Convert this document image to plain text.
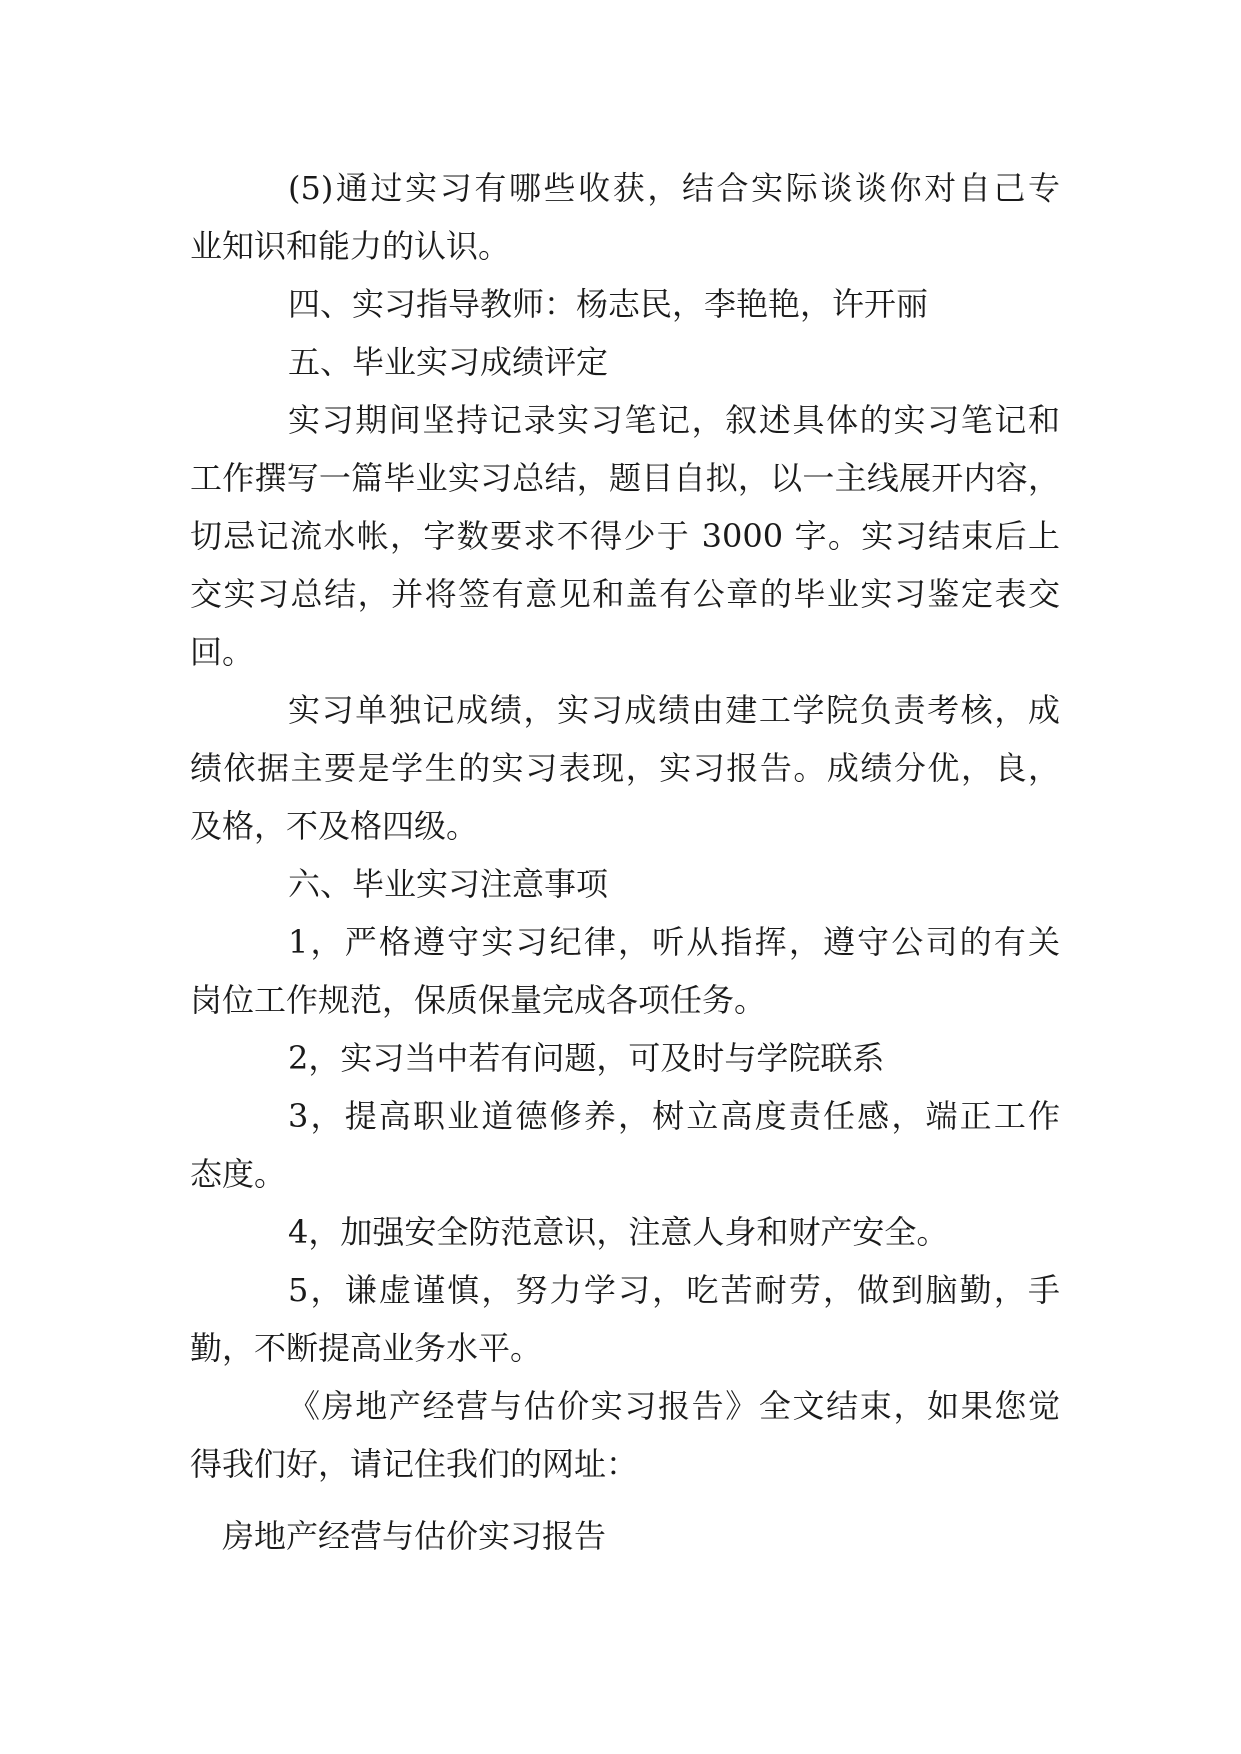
(5)通过实习有哪些收获，结合实际谈谈你对自己专
业知识和能力的认识。
四、实习指导教师：杨志民，李艳艳，许开丽
五、毕业实习成绩评定
实习期间坚持记录实习笔记，叙述具体的实习笔记和
工作撰写一篇毕业实习总结，题目自拟，以一主线展开内容，
切忌记流水帐，字数要求不得少于 3000 字。实习结束后上
交实习总结，并将签有意见和盖有公章的毕业实习鉴定表交
回。
实习单独记成绩，实习成绩由建工学院负责考核，成
绩依据主要是学生的实习表现，实习报告。成绩分优，良，
及格，不及格四级。
六、毕业实习注意事项
1，严格遵守实习纪律，听从指挥，遵守公司的有关
岗位工作规范，保质保量完成各项任务。
2，实习当中若有问题，可及时与学院联系
3，提高职业道德修养，树立高度责任感，端正工作
态度。
4，加强安全防范意识，注意人身和财产安全。
5，谦虚谨慎，努力学习，吃苦耐劳，做到脑勤，手
勤，不断提高业务水平。
《房地产经营与估价实习报告》全文结束，如果您觉
得我们好，请记住我们的网址：
房地产经营与估价实习报告
